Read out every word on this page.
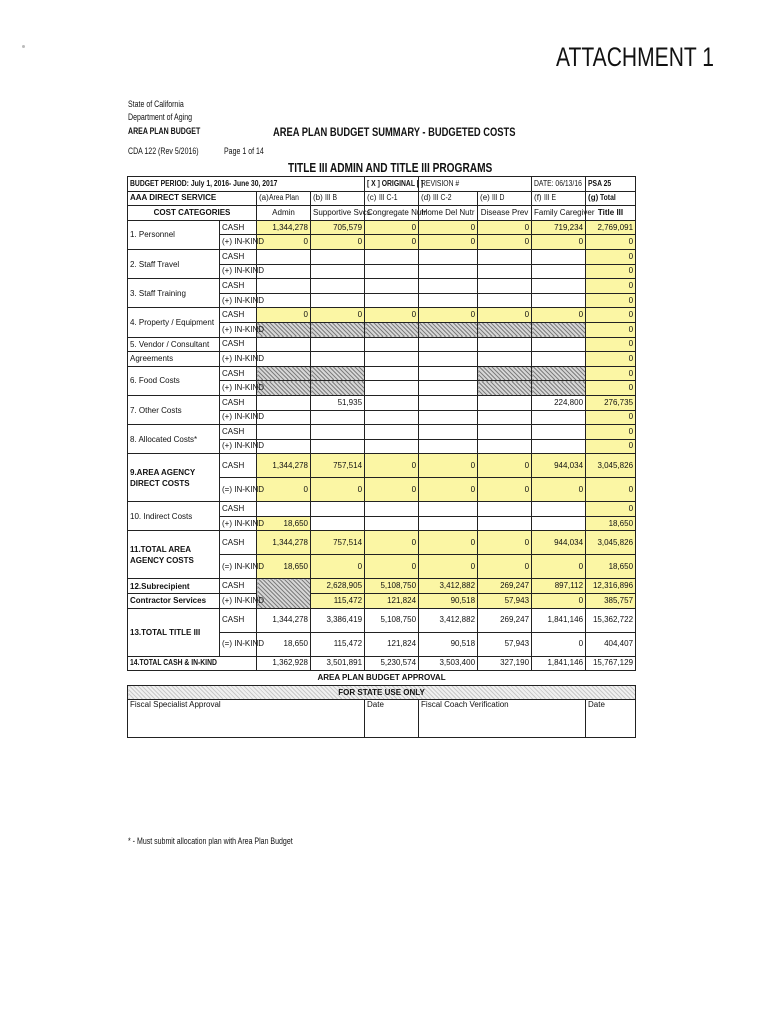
ATTACHMENT 1
State of California
Department of Aging
AREA PLAN BUDGET
CDA 122 (Rev 5/2016)	Page 1 of 14
AREA PLAN BUDGET SUMMARY - BUDGETED COSTS
TITLE III ADMIN AND TITLE III PROGRAMS
BUDGET PERIOD: July 1, 2016- June 30, 2017				[ X ] ORIGINAL [ ]	REVISION #		DATE: 06/13/16	PSA 25
AAA DIRECT SERVICE		(a) Area Plan	(b) III B	(c) III C-1	(d) III C-2	(e) III D	(f) III E	(g) Total
COST CATEGORIES		Admin	Supportive Svcs	Congregate Nutr	Home Del Nutr	Disease Prev	Family Caregiver	Title III
1. Personnel	CASH	1,344,278	705,579	0	0	0	719,234	2,769,091
	(+) IN-KIND	0	0	0	0	0	0	0
2. Staff Travel	CASH							0
	(+) IN-KIND							0
3. Staff Training	CASH							0
	(+) IN-KIND							0
4. Property / Equipment	CASH	0	0	0	0	0	0	0
	(+) IN-KIND							0
5. Vendor / Consultant	CASH							0
Agreements	(+) IN-KIND							0
6. Food Costs	CASH							0
	(+) IN-KIND							0
7. Other Costs	CASH		51,935				224,800	276,735
	(+) IN-KIND							0
8. Allocated Costs*	CASH							0
	(+) IN-KIND							0
9.AREA AGENCY
DIRECT COSTS	CASH	1,344,278	757,514	0	0	0	944,034	3,045,826
	(=) IN-KIND	0	0	0	0	0	0	0
10. Indirect Costs	CASH							0
	(+) IN-KIND	18,650						18,650
11.TOTAL AREA
AGENCY COSTS	CASH	1,344,278	757,514	0	0	0	944,034	3,045,826
	(=) IN-KIND	18,650	0	0	0	0	0	18,650
12.Subrecipient	CASH		2,628,905	5,108,750	3,412,882	269,247	897,112	12,316,896
Contractor Services	(+) IN-KIND		115,472	121,824	90,518	57,943	0	385,757
13.TOTAL TITLE III	CASH	1,344,278	3,386,419	5,108,750	3,412,882	269,247	1,841,146	15,362,722
	(=) IN-KIND	18,650	115,472	121,824	90,518	57,943	0	404,407
14.TOTAL CASH & IN-KIND		1,362,928	3,501,891	5,230,574	3,503,400	327,190	1,841,146	15,767,129
AREA PLAN BUDGET APPROVAL								
FOR STATE USE ONLY								
Fiscal Specialist Approval				Date	Fiscal Coach Verification			Date
* - Must submit allocation plan with Area Plan Budget
